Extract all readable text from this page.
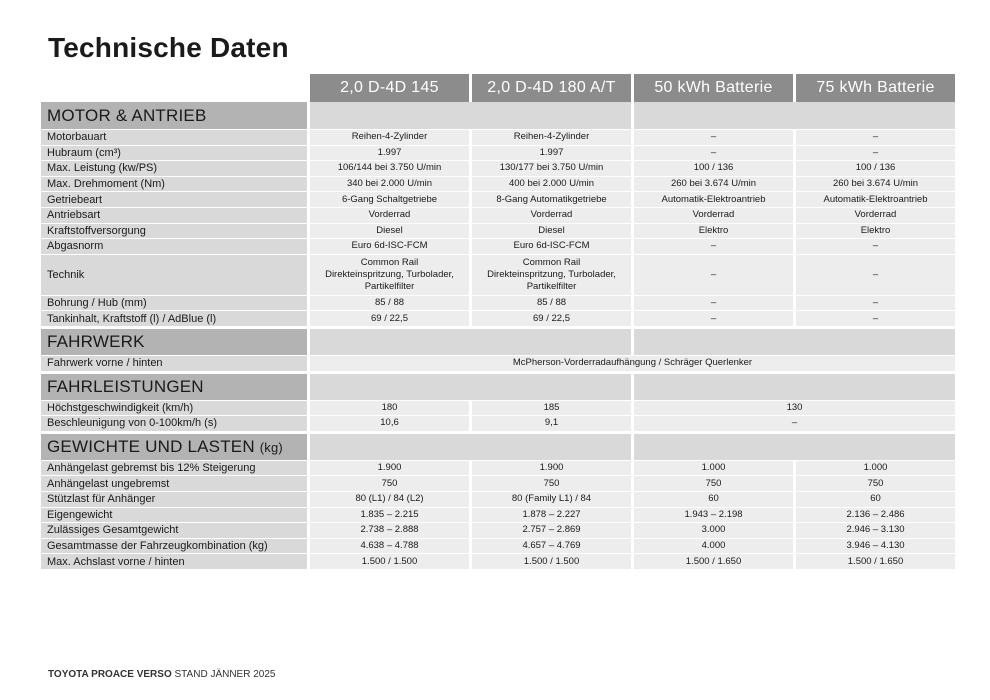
Technische Daten
	2,0 D-4D 145	2,0 D-4D 180 A/T	50 kWh Batterie	75 kWh Batterie
MOTOR & ANTRIEB				
Motorbauart	Reihen-4-Zylinder	Reihen-4-Zylinder	–	–
Hubraum (cm³)	1.997	1.997	–	–
Max. Leistung (kw/PS)	106/144 bei 3.750 U/min	130/177 bei 3.750 U/min	100 / 136	100 / 136
Max. Drehmoment (Nm)	340 bei 2.000 U/min	400 bei 2.000 U/min	260 bei 3.674 U/min	260 bei 3.674 U/min
Getriebeart	6-Gang Schaltgetriebe	8-Gang Automatikgetriebe	Automatik-Elektroantrieb	Automatik-Elektroantrieb
Antriebsart	Vorderrad	Vorderrad	Vorderrad	Vorderrad
Kraftstoffversorgung	Diesel	Diesel	Elektro	Elektro
Abgasnorm	Euro 6d-ISC-FCM	Euro 6d-ISC-FCM	–	–
Technik	Common Rail
Direkteinspritzung, Turbolader,
Partikelfilter	Common Rail
Direkteinspritzung, Turbolader,
Partikelfilter	–	–
Bohrung / Hub (mm)	85 / 88	85 / 88	–	–
Tankinhalt, Kraftstoff (l) / AdBlue (l)	69 / 22,5	69 / 22,5	–	–
FAHRWERK				
Fahrwerk vorne / hinten	McPherson-Vorderradaufhängung / Schräger Querlenker			
FAHRLEISTUNGEN				
Höchstgeschwindigkeit (km/h)	180	185	130	
Beschleunigung von 0-100km/h (s)	10,6	9,1	–	
GEWICHTE UND LASTEN (kg)				
Anhängelast gebremst bis 12% Steigerung	1.900	1.900	1.000	1.000
Anhängelast ungebremst	750	750	750	750
Stützlast für Anhänger	80 (L1) / 84 (L2)	80 (Family L1) / 84	60	60
Eigengewicht	1.835 – 2.215	1.878 – 2.227	1.943 – 2.198	2.136 – 2.486
Zulässiges Gesamtgewicht	2.738 – 2.888	2.757 – 2.869	3.000	2.946 – 3.130
Gesamtmasse der Fahrzeugkombination (kg)	4.638 – 4.788	4.657 – 4.769	4.000	3.946 – 4.130
Max. Achslast vorne / hinten	1.500 / 1.500	1.500 / 1.500	1.500 / 1.650	1.500 / 1.650
TOYOTA PROACE VERSO STAND JÄNNER 2025
